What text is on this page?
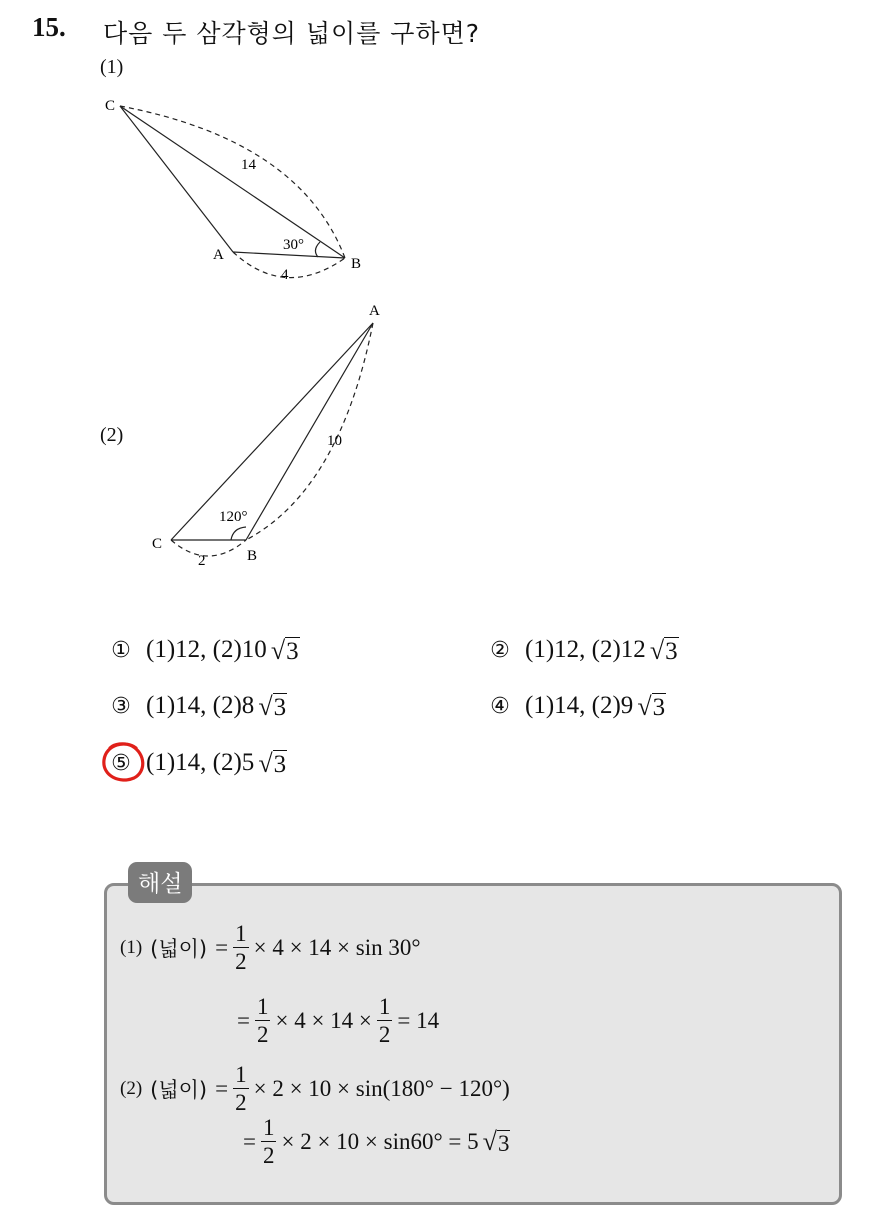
15. 다음 두 삼각형의 넓이를 구하면?
(1)
C
A
B
14
4
30°
A
C
B
10
2
120°
(2)
① (1)12, (2)10 √ 3	② (1)12, (2)12 √ 3
③ (1)14, (2)8 √ 3	④ (1)14, (2)9 √ 3
⑤ (1)14, (2)5 √ 3
해설
(1) (넓이) = $\frac{1}{2} \times 4 \times 14 \times \sin 30^\circ$
= $\frac{1}{2} \times 4 \times 14 \times \frac{1}{2} = 14$
(2) (넓이) = $\frac{1}{2} \times 2 \times 10 \times \sin(180^\circ - 120^\circ)$
= $\frac{1}{2} \times 2 \times 10 \times \sin 60^\circ = 5$ √ 3
